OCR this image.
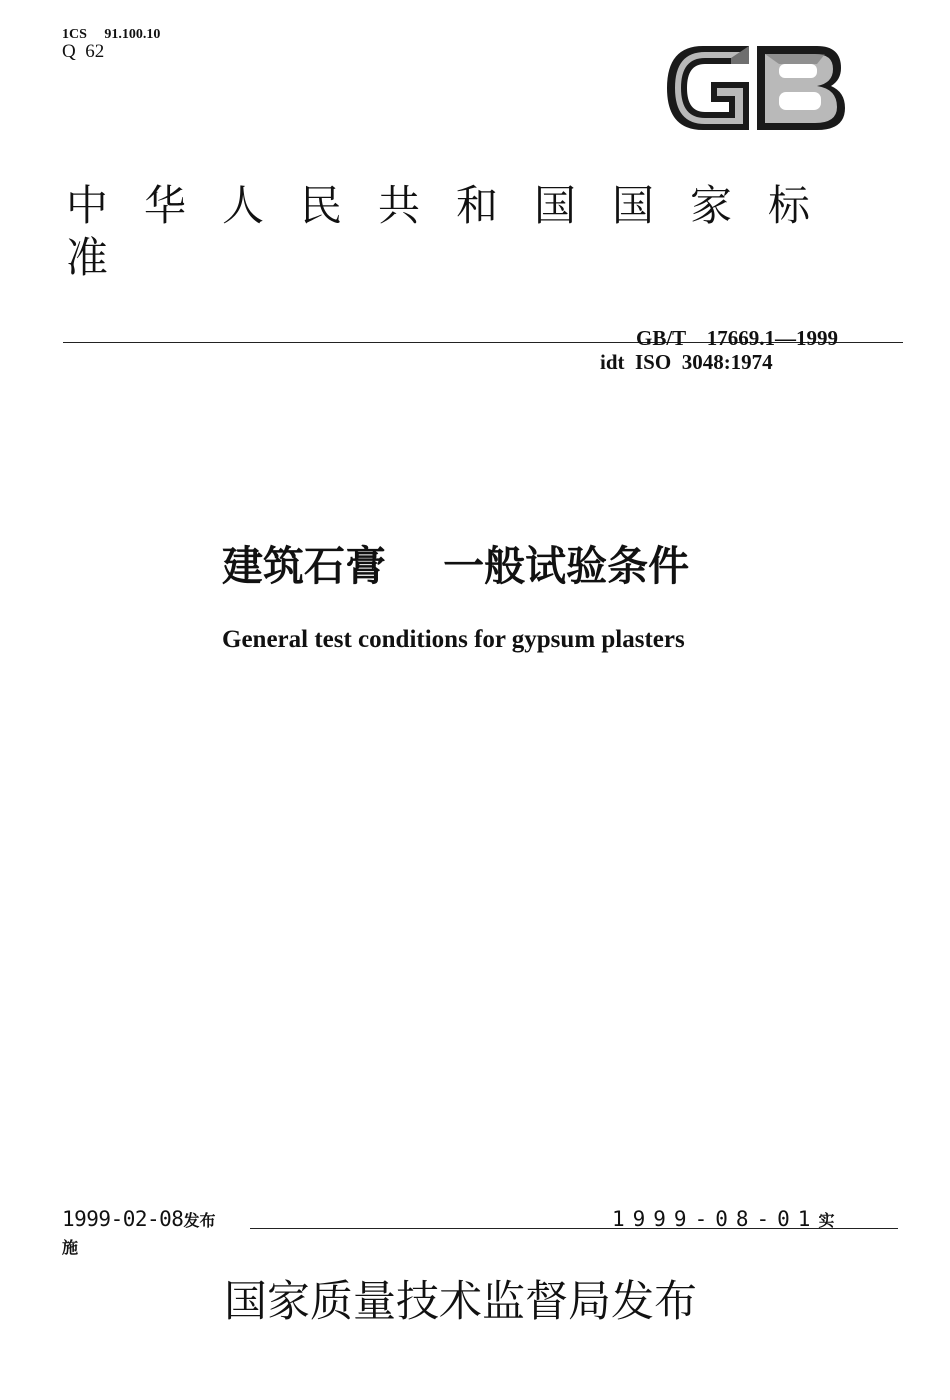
1CS     91.100.10
Q  62
中华人民共和国国家标准
GB/T    17669.1—1999
idt  ISO  3048:1974
建筑石膏    一般试验条件
General test conditions for gypsum plasters
1999-02-08发布	1999-08-01实
施
国家质量技术监督局发布
